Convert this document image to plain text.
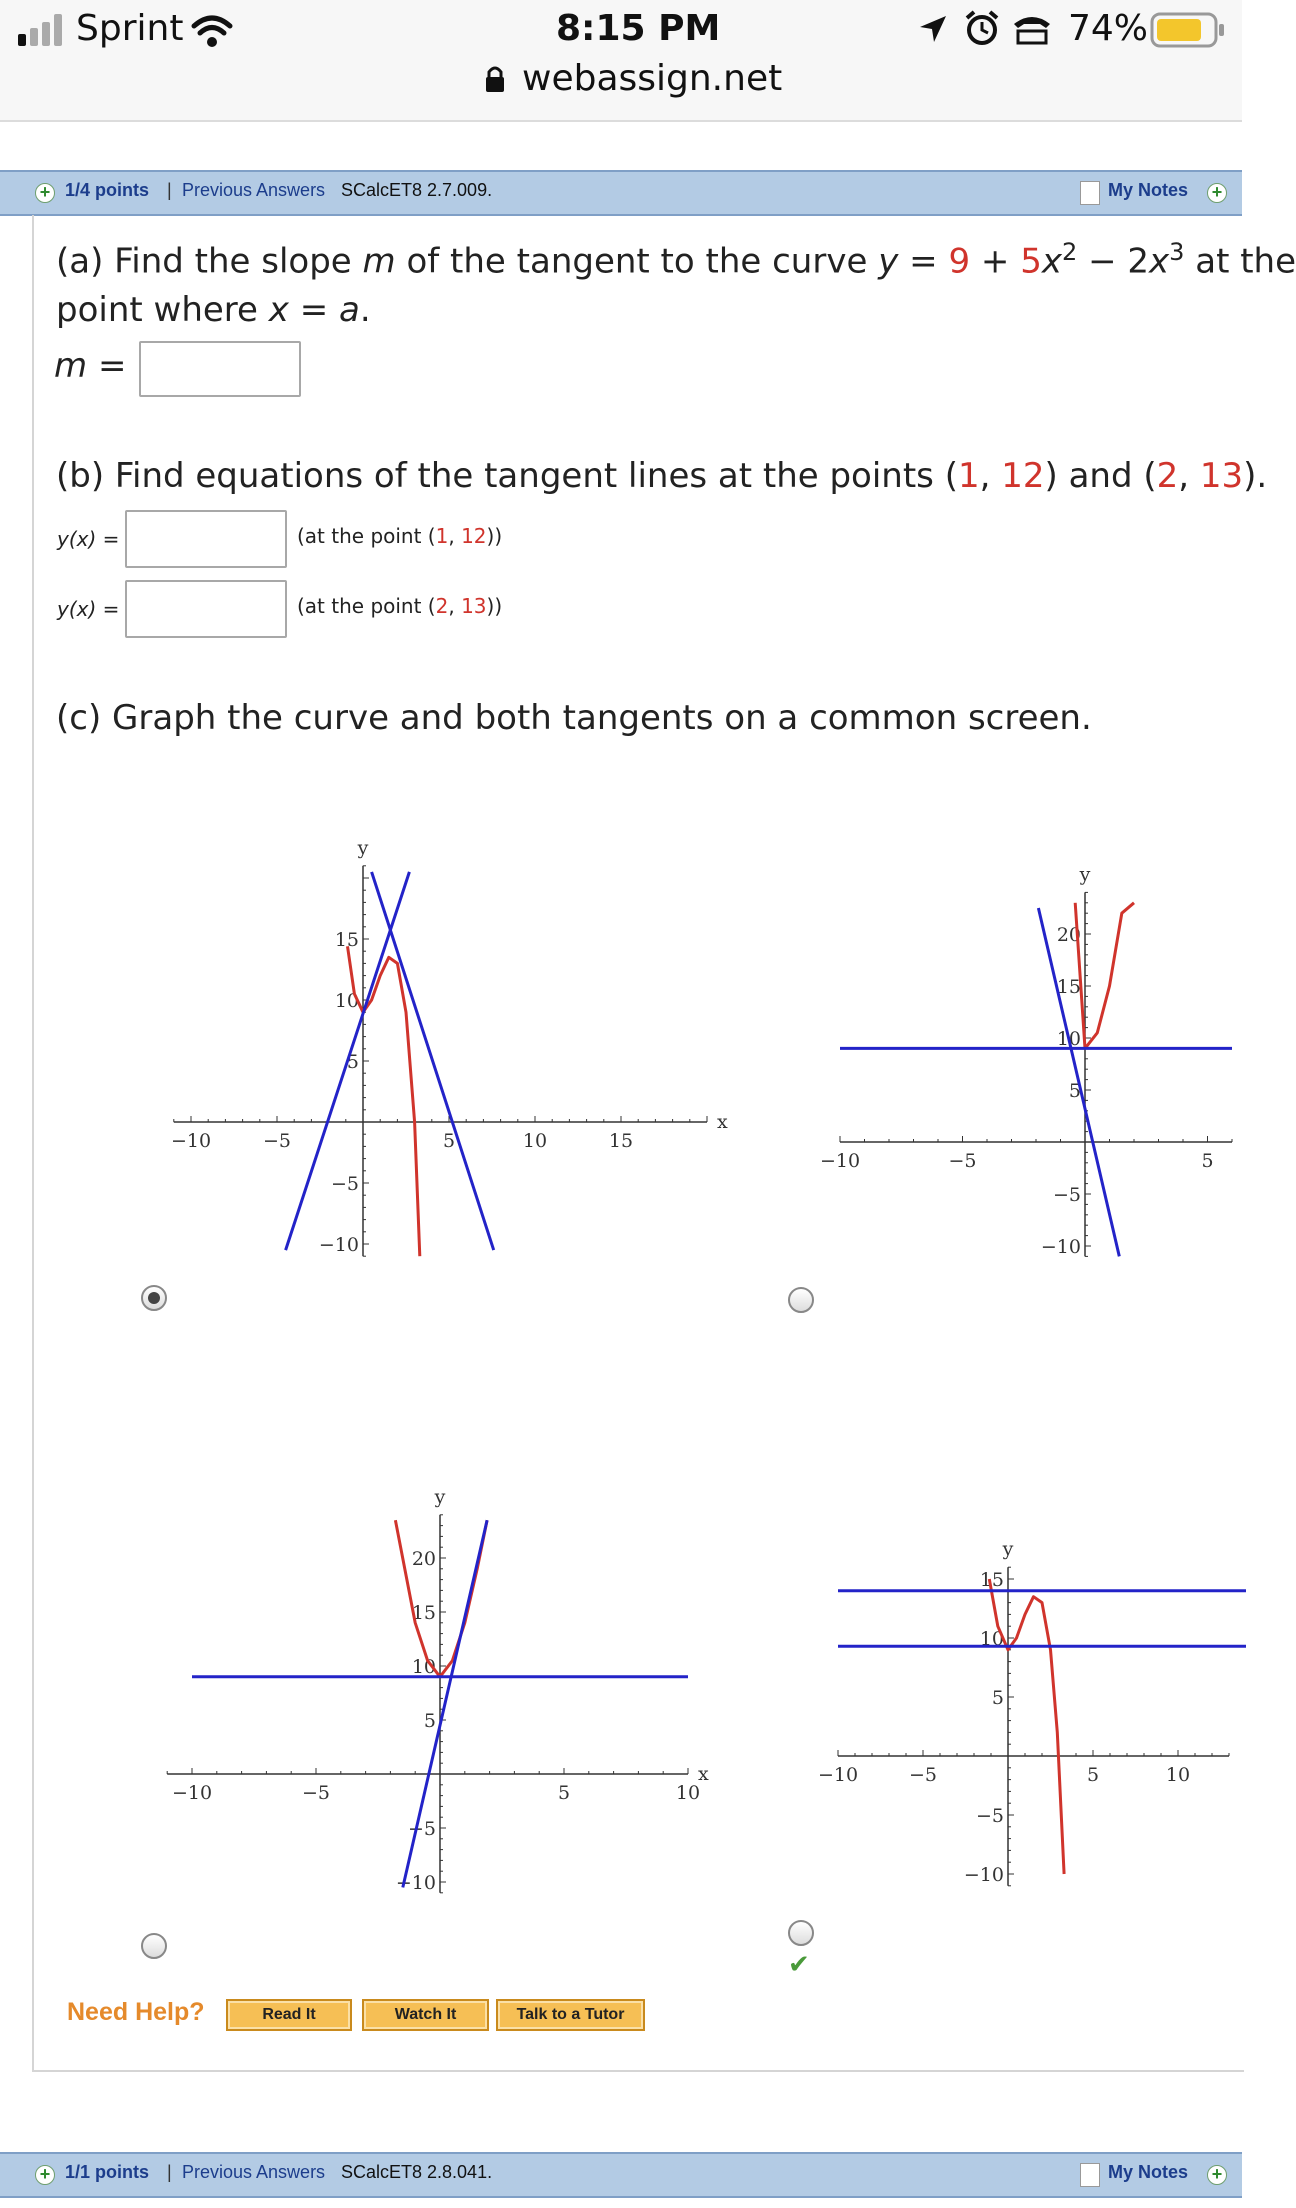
Sprint	8:15 PM	74%
webassign.net
+ 1/4 points | Previous Answers SCalcET8 2.7.009.	My Notes +
(a) Find the slope m of the tangent to the curve $y = 9 + 5x^2 - 2x^3$ at the
point where x = a.
m =
(b) Find equations of the tangent lines at the points (1, 12) and (2, 13).
y(x) =	(at the point (1, 12))
y(x) =	(at the point (2, 13))
(c) Graph the curve and both tangents on a common screen.
−10	−5	5	10	15
−10
−5
5
10
15
y
x
−10	−5	5
−10
−5
5
10
15
20
y
−10	−5	5	10
−10
−5
5
10
15
20
y
x	−10	−5	5	10
−10
−5
5
10
15
y
✔
Need Help?	Read It	Watch It	Talk to a Tutor
+ 1/1 points | Previous Answers SCalcET8 2.8.041.	My Notes +
